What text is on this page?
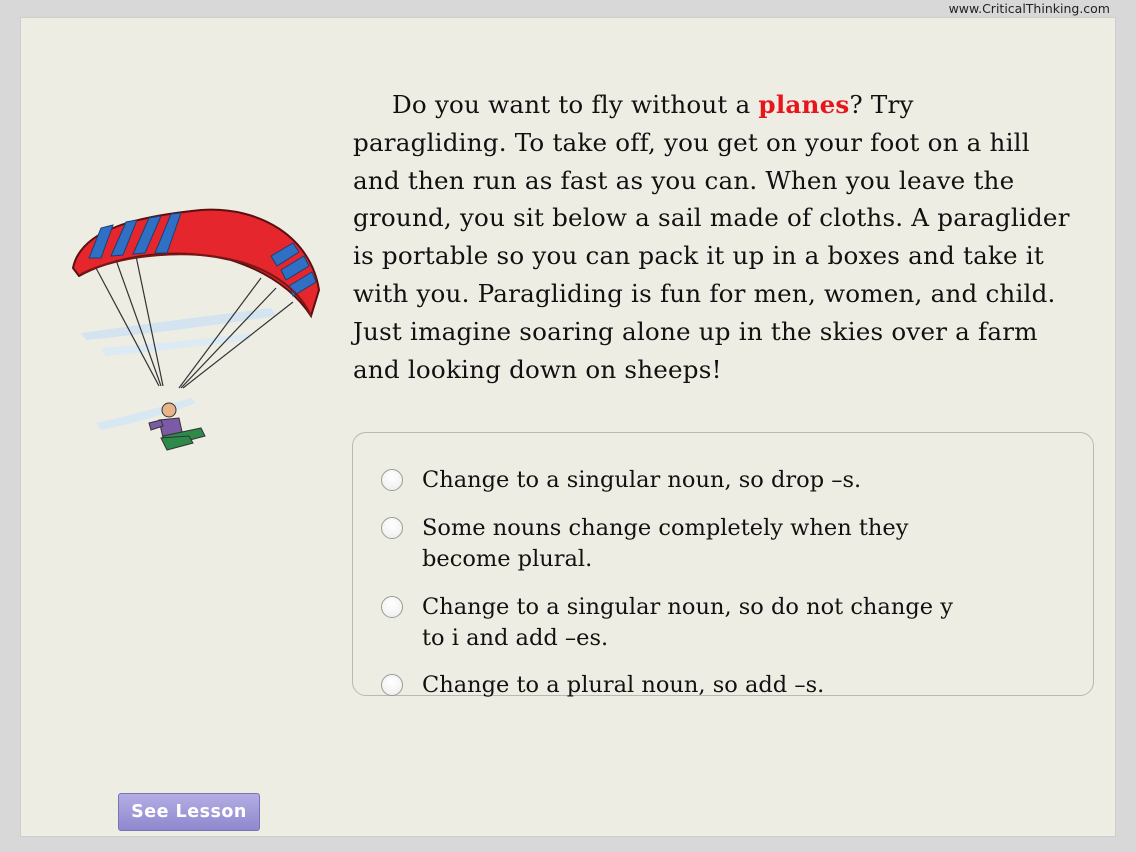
www.CriticalThinking.com

Do you want to fly without a planes? Try paragliding. To take off, you get on your foot on a hill and then run as fast as you can. When you leave the ground, you sit below a sail made of cloths. A paraglider is portable so you can pack it up in a boxes and take it with you. Paragliding is fun for men, women, and child. Just imagine soaring alone up in the skies over a farm and looking down on sheeps!

Change to a singular noun, so drop –s.
Some nouns change completely when they become plural.
Change to a singular noun, so do not change y to i and add –es.
Change to a plural noun, so add –s.
See Lesson
